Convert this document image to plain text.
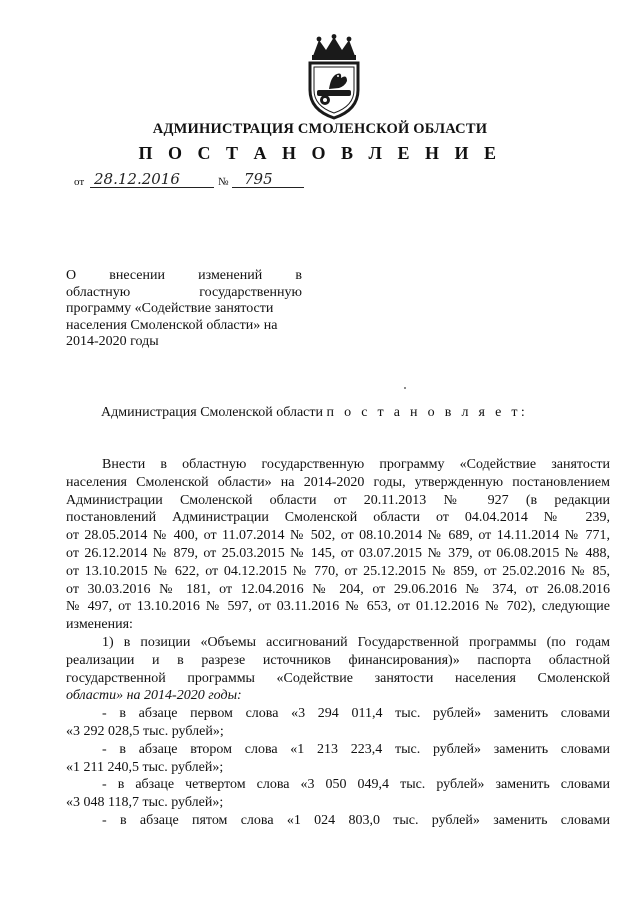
АДМИНИСТРАЦИЯ СМОЛЕНСКОЙ ОБЛАСТИ
П О С Т А Н О В Л Е Н И Е
от 28.12.2016	№ 795
О внесении изменений в
областную	государственную
программу «Содействие занятости
населения Смоленской области» на
2014-2020 годы
Администрация Смоленской области п о с т а н о в л я е т:
Внести в областную государственную программу «Содействие занятости
населения Смоленской области» на 2014-2020 годы, утвержденную постановлением
Администрации Смоленской области от 20.11.2013 № 927 (в редакции
постановлений Администрации Смоленской области от 04.04.2014 № 239,
от 28.05.2014 № 400, от 11.07.2014 № 502, от 08.10.2014 № 689, от 14.11.2014 № 771,
от 26.12.2014 № 879, от 25.03.2015 № 145, от 03.07.2015 № 379, от 06.08.2015 № 488,
от 13.10.2015 № 622, от 04.12.2015 № 770, от 25.12.2015 № 859, от 25.02.2016 № 85,
от 30.03.2016 № 181, от 12.04.2016 № 204, от 29.06.2016 № 374, от 26.08.2016
№ 497, от 13.10.2016 № 597, от 03.11.2016 № 653, от 01.12.2016 № 702), следующие
изменения:
1) в позиции «Объемы ассигнований Государственной программы (по годам
реализации и в разрезе источников финансирования)» паспорта областной
государственной программы «Содействие занятости населения Смоленской
области» на 2014-2020 годы:
- в абзаце первом слова «3 294 011,4 тыс. рублей» заменить словами
«3 292 028,5 тыс. рублей»;
- в абзаце втором слова «1 213 223,4 тыс. рублей» заменить словами
«1 211 240,5 тыс. рублей»;
- в абзаце четвертом слова «3 050 049,4 тыс. рублей» заменить словами
«3 048 118,7 тыс. рублей»;
- в абзаце пятом слова «1 024 803,0 тыс. рублей» заменить словами
